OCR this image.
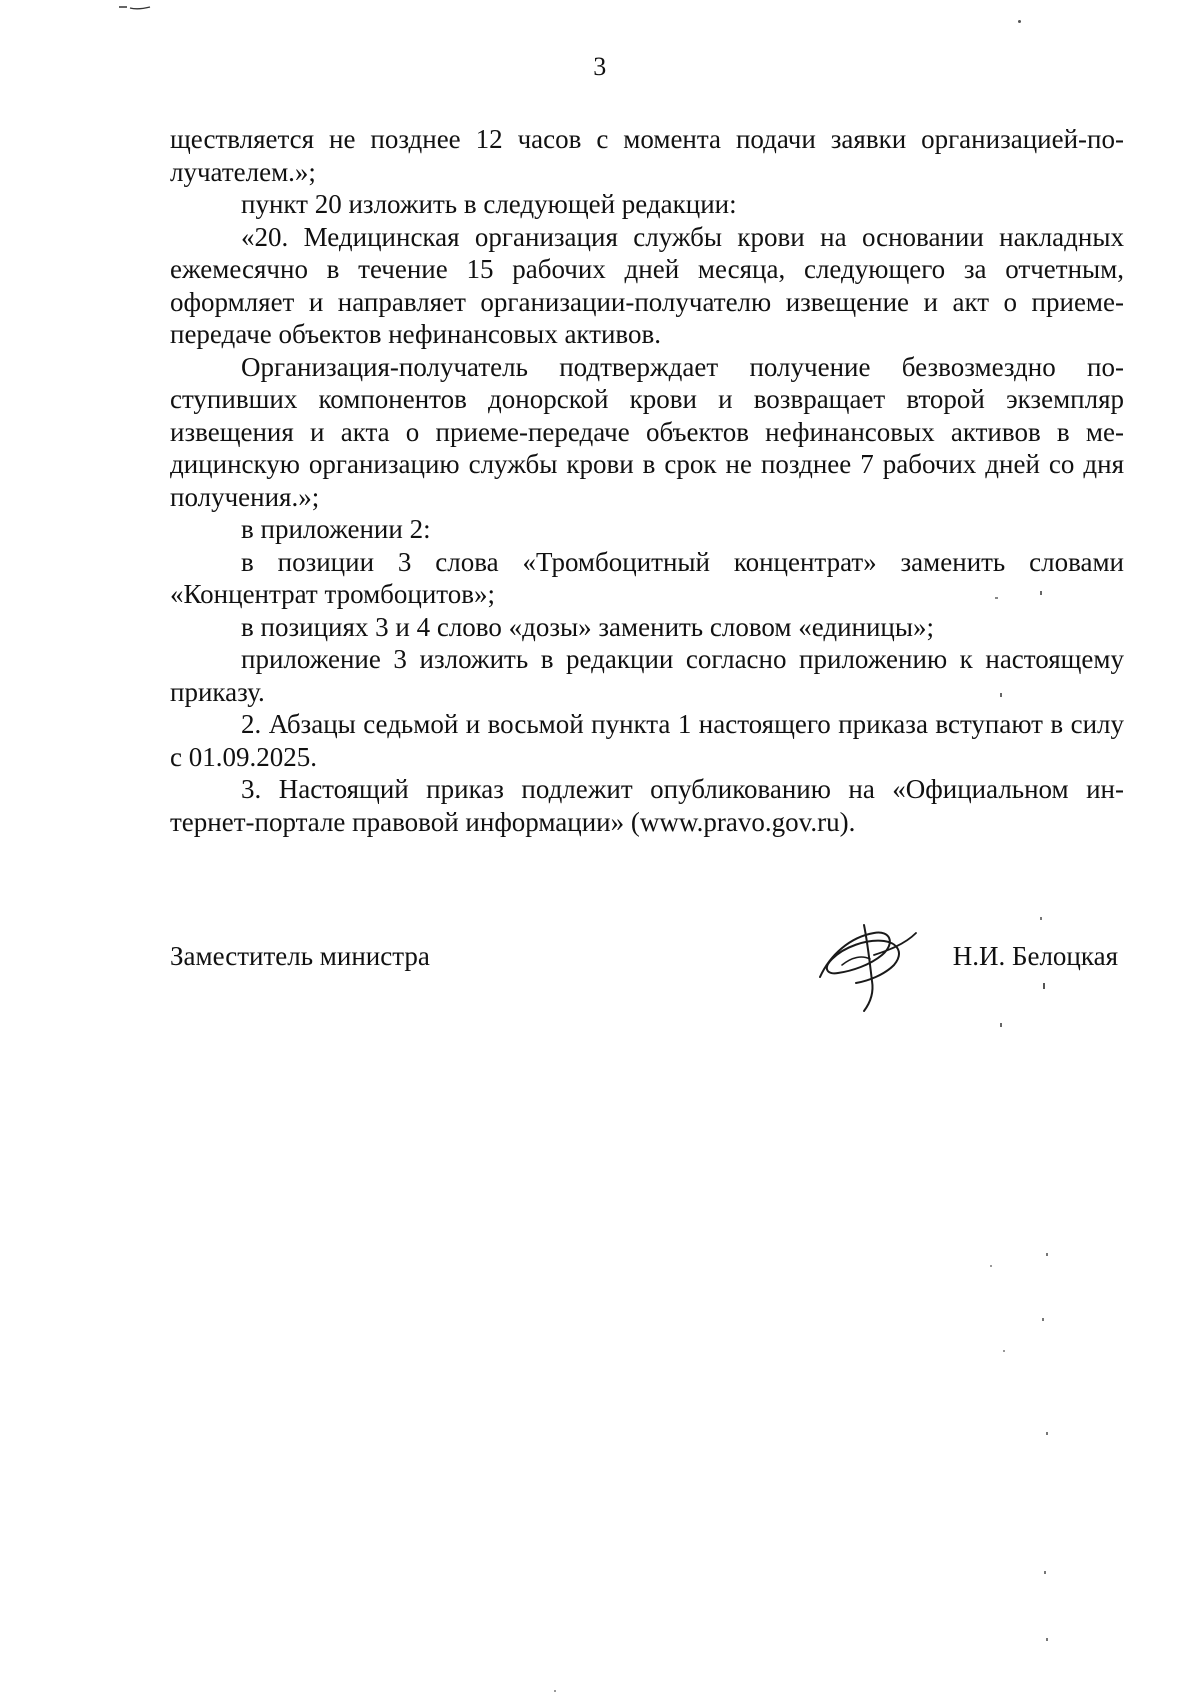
3

ществляется не позднее 12 часов с момента подачи заявки организацией-получателем.»;

пункт 20 изложить в следующей редакции:

«20. Медицинская организация службы крови на основании накладных ежемесячно в течение 15 рабочих дней месяца, следующего за отчетным, оформляет и направляет организации-получателю извещение и акт о приеме-передаче объектов нефинансовых активов.

Организация-получатель подтверждает получение безвозмездно поступивших компонентов донорской крови и возвращает второй экземпляр извещения и акта о приеме-передаче объектов нефинансовых активов в медицинскую организацию службы крови в срок не позднее 7 рабочих дней со дня получения.»;

в приложении 2:

в позиции 3 слова «Тромбоцитный концентрат» заменить словами «Концентрат тромбоцитов»;

в позициях 3 и 4 слово «дозы» заменить словом «единицы»;

приложение 3 изложить в редакции согласно приложению к настоящему приказу.

2. Абзацы седьмой и восьмой пункта 1 настоящего приказа вступают в силу с 01.09.2025.

3. Настоящий приказ подлежит опубликованию на «Официальном интернет-портале правовой информации» (www.pravo.gov.ru).

Заместитель министра	Н.И. Белоцкая
